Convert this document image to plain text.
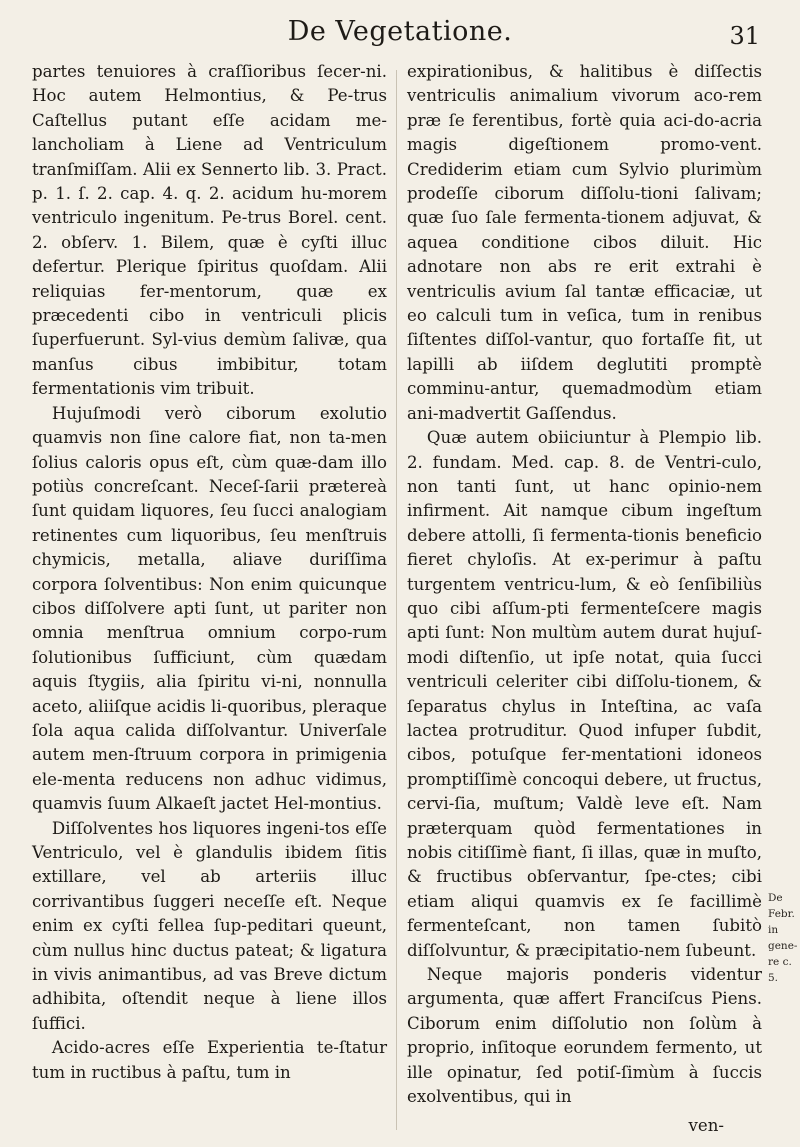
De Vegetatione.	31

partes tenuiores à craſſioribus ſecer-ni. Hoc autem Helmontius, & Pe-trus Caſtellus putant eſſe acidam me-lancholiam à Liene ad Ventriculum tranſmiſſam. Alii ex Sennerto lib. 3. Pract. p. 1. ſ. 2. cap. 4. q. 2. acidum hu-morem ventriculo ingenitum. Pe-trus Borel. cent. 2. obſerv. 1. Bilem, quæ è cyſti illuc defertur. Plerique ſpiritus quoſdam. Alii reliquias fer-mentorum, quæ ex præcedenti cibo in ventriculi plicis ſuperfuerunt. Syl-vius demùm ſalivæ, qua manſus cibus imbibitur, totam fermentationis vim tribuit.

Hujuſmodi verò ciborum exolutio quamvis non ſine calore fiat, non ta-men ſolius caloris opus eſt, cùm quæ-dam illo potiùs concreſcant. Neceſ-ſarii prætereà ſunt quidam liquores, ſeu ſucci analogiam retinentes cum liquoribus, ſeu menſtruis chymicis, metalla, aliave duriſſima corpora ſolventibus: Non enim quicunque cibos diſſolvere apti ſunt, ut pariter non omnia menſtrua omnium corpo-rum ſolutionibus ſufficiunt, cùm quædam aquis ſtygiis, alia ſpiritu vi-ni, nonnulla aceto, aliiſque acidis li-quoribus, pleraque ſola aqua calida diſſolvantur. Univerſale autem men-ſtruum corpora in primigenia ele-menta reducens non adhuc vidimus, quamvis ſuum Alkaeſt jactet Hel-montius.

Diſſolventes hos liquores ingeni-tos eſſe Ventriculo, vel è glandulis ibidem ſitis extillare, vel ab arteriis illuc corrivantibus ſuggeri neceſſe eſt. Neque enim ex cyſti fellea ſup-peditari queunt, cùm nullus hinc ductus pateat; & ligatura in vivis animantibus, ad vas Breve dictum adhibita, oſtendit neque à liene illos ſuffici.

Acido-acres eſſe Experientia te-ſtatur tum in ructibus à paſtu, tum in

expirationibus, & halitibus è diſſectis ventriculis animalium vivorum aco-rem præ ſe ferentibus, fortè quia aci-do-acria magis digeſtionem promo-vent. Crediderim etiam cum Sylvio plurimùm prodeſſe ciborum diſſolu-tioni ſalivam; quæ ſuo ſale fermenta-tionem adjuvat, & aquea conditione cibos diluit. Hic adnotare non abs re erit extrahi è ventriculis avium ſal tantæ efficaciæ, ut eo calculi tum in veſica, tum in renibus ſiſtentes diſſol-vantur, quo fortaſſe fit, ut lapilli ab iiſdem deglutiti promptè comminu-antur, quemadmodùm etiam ani-madvertit Gaſſendus.

Quæ autem obiiciuntur à Plempio lib. 2. fundam. Med. cap. 8. de Ventri-culo, non tanti ſunt, ut hanc opinio-nem infirment. Ait namque cibum ingeſtum debere attolli, ſi fermenta-tionis beneficio fieret chyloſis. At ex-perimur à paſtu turgentem ventricu-lum, & eò ſenſibiliùs quo cibi aſſum-pti fermenteſcere magis apti ſunt: Non multùm autem durat hujuſ-modi diſtenſio, ut ipſe notat, quia ſucci ventriculi celeriter cibi diſſolu-tionem, & ſeparatus chylus in Inteſtina, ac vaſa lactea protruditur. Quod infuper ſubdit, cibos, potuſque fer-mentationi idoneos promptiſſimè concoqui debere, ut fructus, cervi-ſia, muſtum; Valdè leve eſt. Nam præterquam quòd fermentationes in nobis citiſſimè fiant, ſi illas, quæ in muſto, & fructibus obſervantur, ſpe-ctes; cibi etiam aliqui quamvis ex ſe facillimè fermenteſcant, non tamen ſubitò diſſolvuntur, & præcipitatio-nem ſubeunt.

Neque majoris ponderis videntur argumenta, quæ affert Franciſcus Piens. Ciborum enim diſſolutio non ſolùm à proprio, inſitoque eorundem fermento, ut ille opinatur, ſed potiſ-ſimùm à ſuccis exolventibus, qui in

De Febr. in gene-re c. 5.
ven-
